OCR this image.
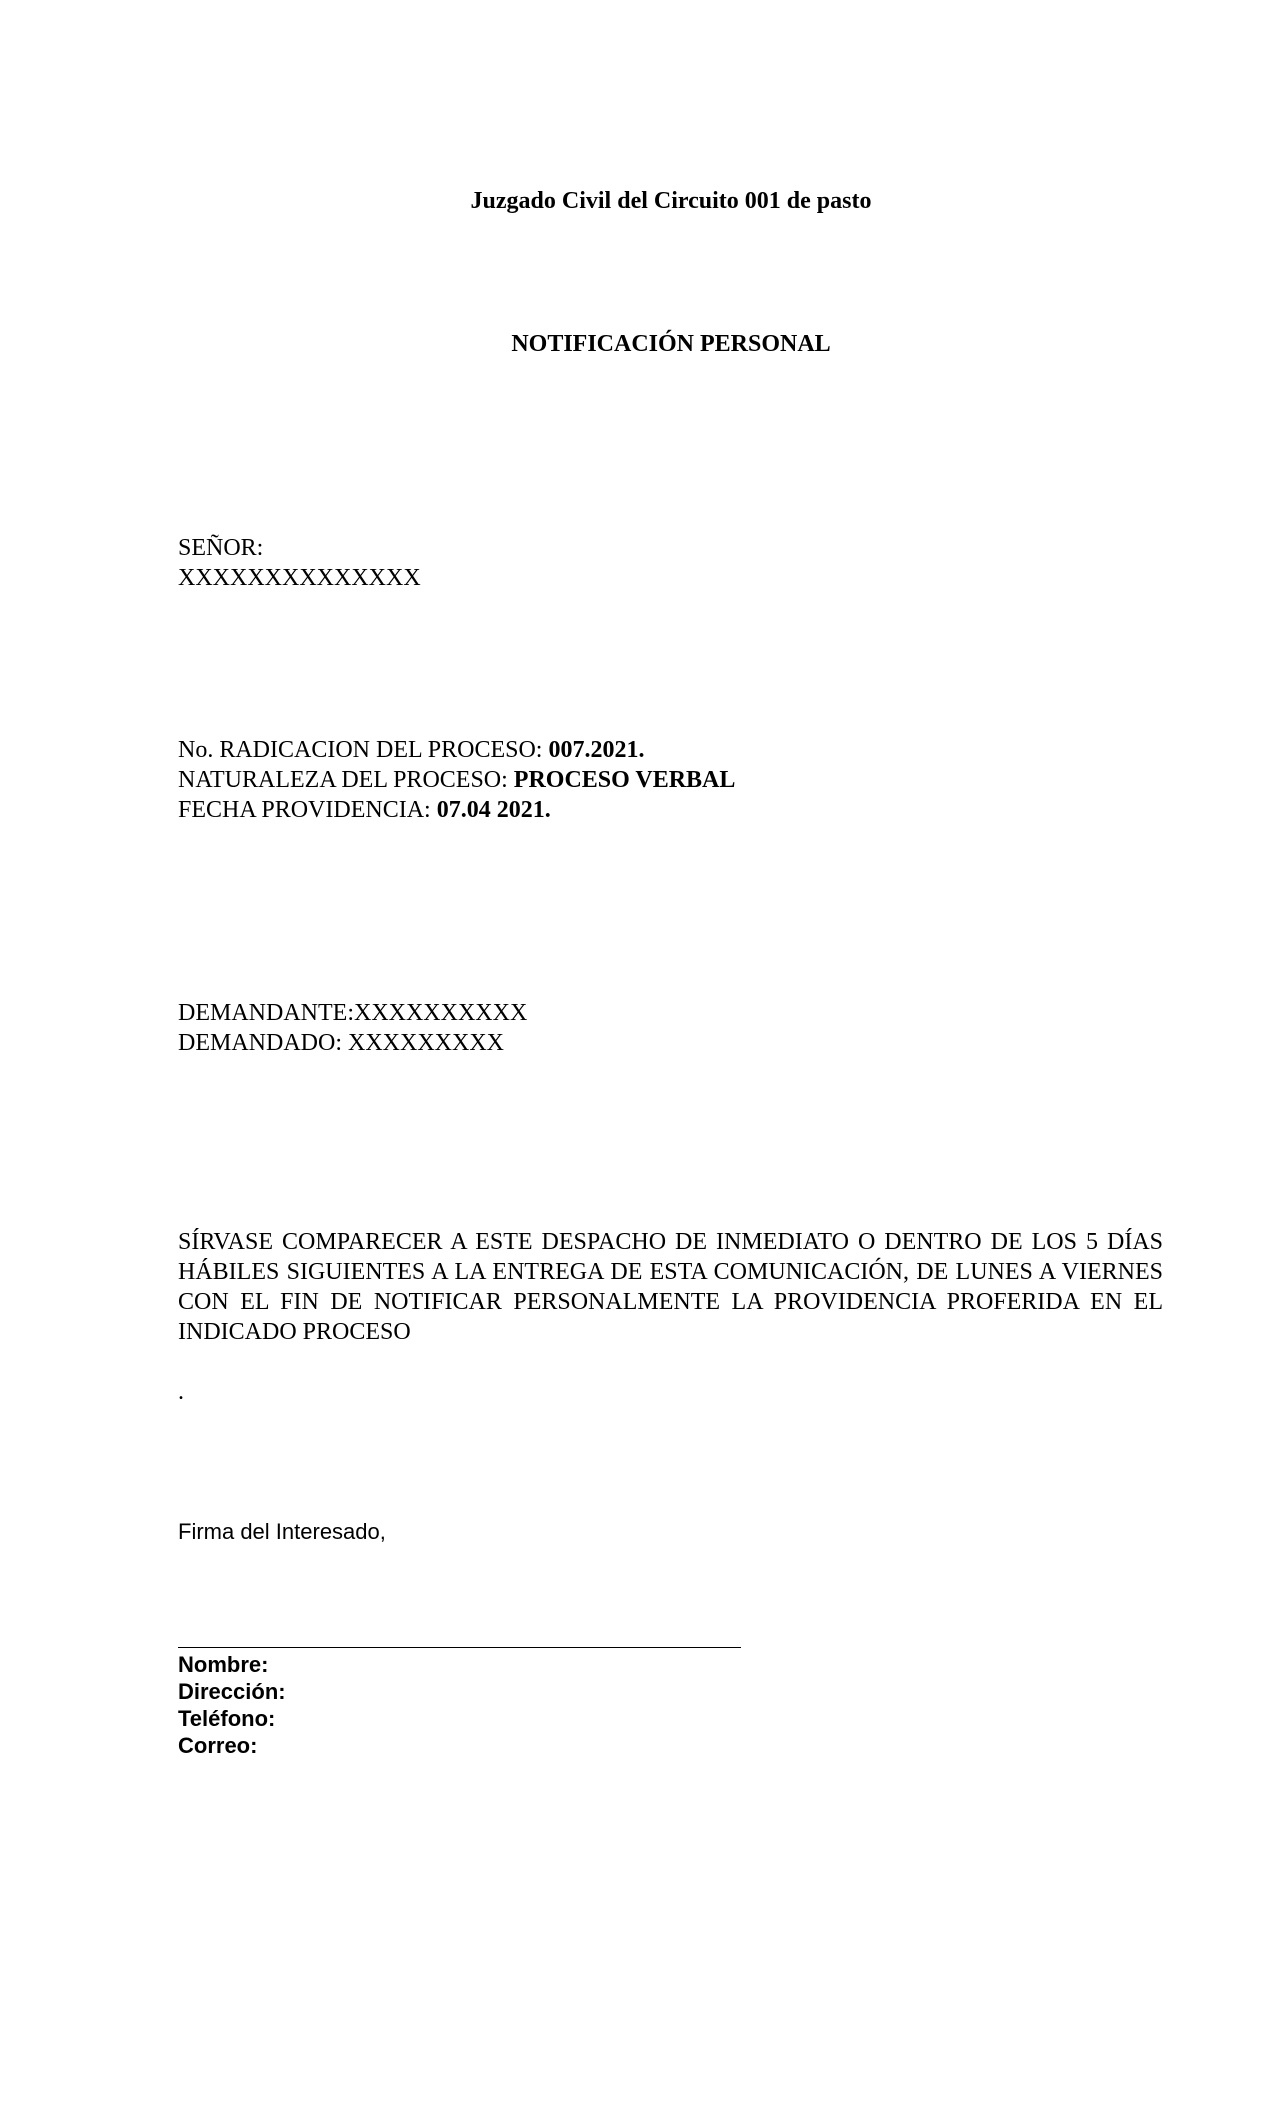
Juzgado Civil del Circuito 001 de pasto
NOTIFICACIÓN PERSONAL
SEÑOR:
XXXXXXXXXXXXXX
No. RADICACION DEL PROCESO: 007.2021.
NATURALEZA DEL PROCESO: PROCESO VERBAL
FECHA PROVIDENCIA: 07.04 2021.
DEMANDANTE:XXXXXXXXXX
DEMANDADO: XXXXXXXXX
SÍRVASE COMPARECER A ESTE DESPACHO DE INMEDIATO O DENTRO DE LOS 5 DÍAS HÁBILES SIGUIENTES A LA ENTREGA DE ESTA COMUNICACIÓN, DE LUNES A VIERNES CON EL FIN DE NOTIFICAR PERSONALMENTE LA PROVIDENCIA PROFERIDA EN EL INDICADO PROCESO
.
Firma del Interesado,
Nombre:
Dirección:
Teléfono:
Correo:
